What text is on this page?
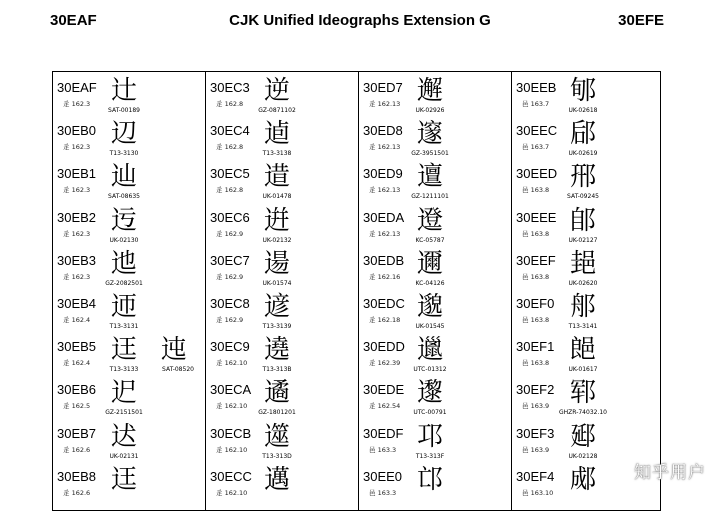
30EAF	CJK Unified Ideographs Extension G	30EFE
30EAF
辵 162.3 辻
SAT-00189
30EB0
辵 162.3 辺
T13-3130
30EB1
辵 162.3 辿
SAT-08635
30EB2
辵 162.3 迃
UK-02130
30EB3
辵 162.3 迆
GZ-2082501
30EB4
辵 162.4 迊
T13-3131
30EB5
辵 162.4 迋
T13-3133
迍
SAT-08520
30EB6
辵 162.5 迉
GZ-2151501
30EB7
辵 162.6 迖
UK-02131
30EB8
辵 162.6 迋
30EC3
辵 162.8 逆
GZ-0871102
30EC4
辵 162.8 逌
T13-3138
30EC5
辵 162.8 逪
UK-01478
30EC6
辵 162.9 逬
UK-02132
30EC7
辵 162.9 逿
UK-01574
30EC8
辵 162.9 遃
T13-3139
30EC9
辵 162.10 遶
T13-313B
30ECA
辵 162.10 遹
GZ-1801201
30ECB
辵 162.10 遾
T13-313D
30ECC
辵 162.10 邁
30ED7
辵 162.13 邂
UK-02926
30ED8
辵 162.13 邃
GZ-3951501
30ED9
辵 162.13 邅
GZ-1211101
30EDA
辵 162.13 邆
KC-05787
30EDB
辵 162.16 邇
KC-04126
30EDC
辵 162.18 邈
UK-01545
30EDD
辵 162.39 邋
UTC-01312
30EDE
辵 162.54 邌
UTC-00791
30EDF
邑 163.3 邛
T13-313F
30EE0
邑 163.3 邙
30EEB
邑 163.7 郇
UK-02618
30EEC
邑 163.7 郈
UK-02619
30EED
邑 163.8 郉
SAT-09245
30EEE
邑 163.8 郋
UK-02127
30EEF
邑 163.8 郌
UK-02620
30EF0
邑 163.8 郍
T13-3141
30EF1
邑 163.8 郒
UK-01617
30EF2
邑 163.9 郓
GHZR-74032.10
30EF3
邑 163.9 郔
UK-02128
30EF4
邑 163.10 郕	知乎用户
